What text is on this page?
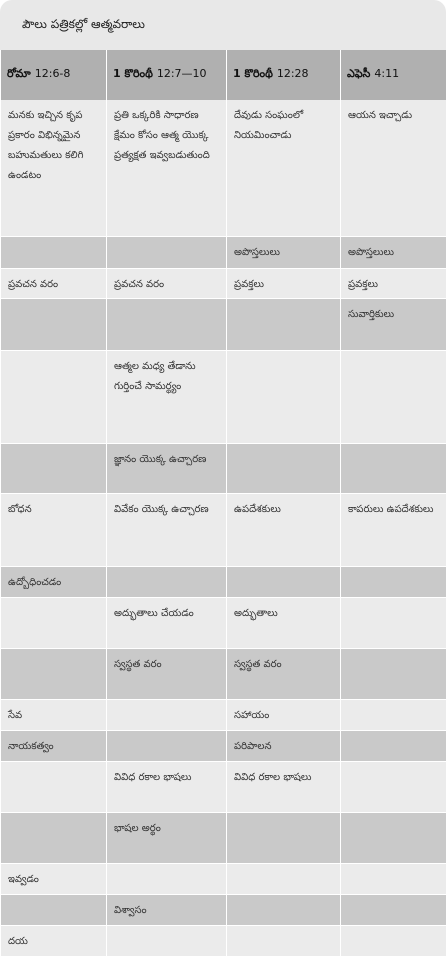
పౌలు పత్రికల్లో ఆత్మవరాలు
రోమా 12:6-8	1 కొరింథీ 12:7—10	1 కొరింథీ 12:28	ఎఫెసీ 4:11
మనకు ఇచ్చిన కృప ప్రకారం విభిన్నమైన బహుమతులు కలిగి ఉండటం	ప్రతి ఒక్కరికి సాధారణ క్షేమం కోసం ఆత్మ యొక్క ప్రత్యక్షత ఇవ్వబడుతుంది	దేవుడు సంఘంలో నియమించాడు	ఆయన ఇచ్చాడు
		అపొస్తలులు	అపొస్తలులు
ప్రవచన వరం	ప్రవచన వరం	ప్రవక్తలు	ప్రవక్తలు
			సువార్తికులు
	ఆత్మల మధ్య తేడాను గుర్తించే సామర్థ్యం		
	జ్ఞానం యొక్క ఉచ్చారణ		
బోధన	వివేకం యొక్క ఉచ్చారణ	ఉపదేశకులు	కాపరులు ఉపదేశకులు
ఉద్బోధించడం			
	అద్భుతాలు చేయడం	అద్భుతాలు	
	స్వస్థత వరం	స్వస్థత వరం	
సేవ		సహాయం	
నాయకత్వం		పరిపాలన	
	వివిధ రకాల భాషలు	వివిధ రకాల భాషలు	
	భాషల అర్థం		
ఇవ్వడం			
	విశ్వాసం		
దయ			
